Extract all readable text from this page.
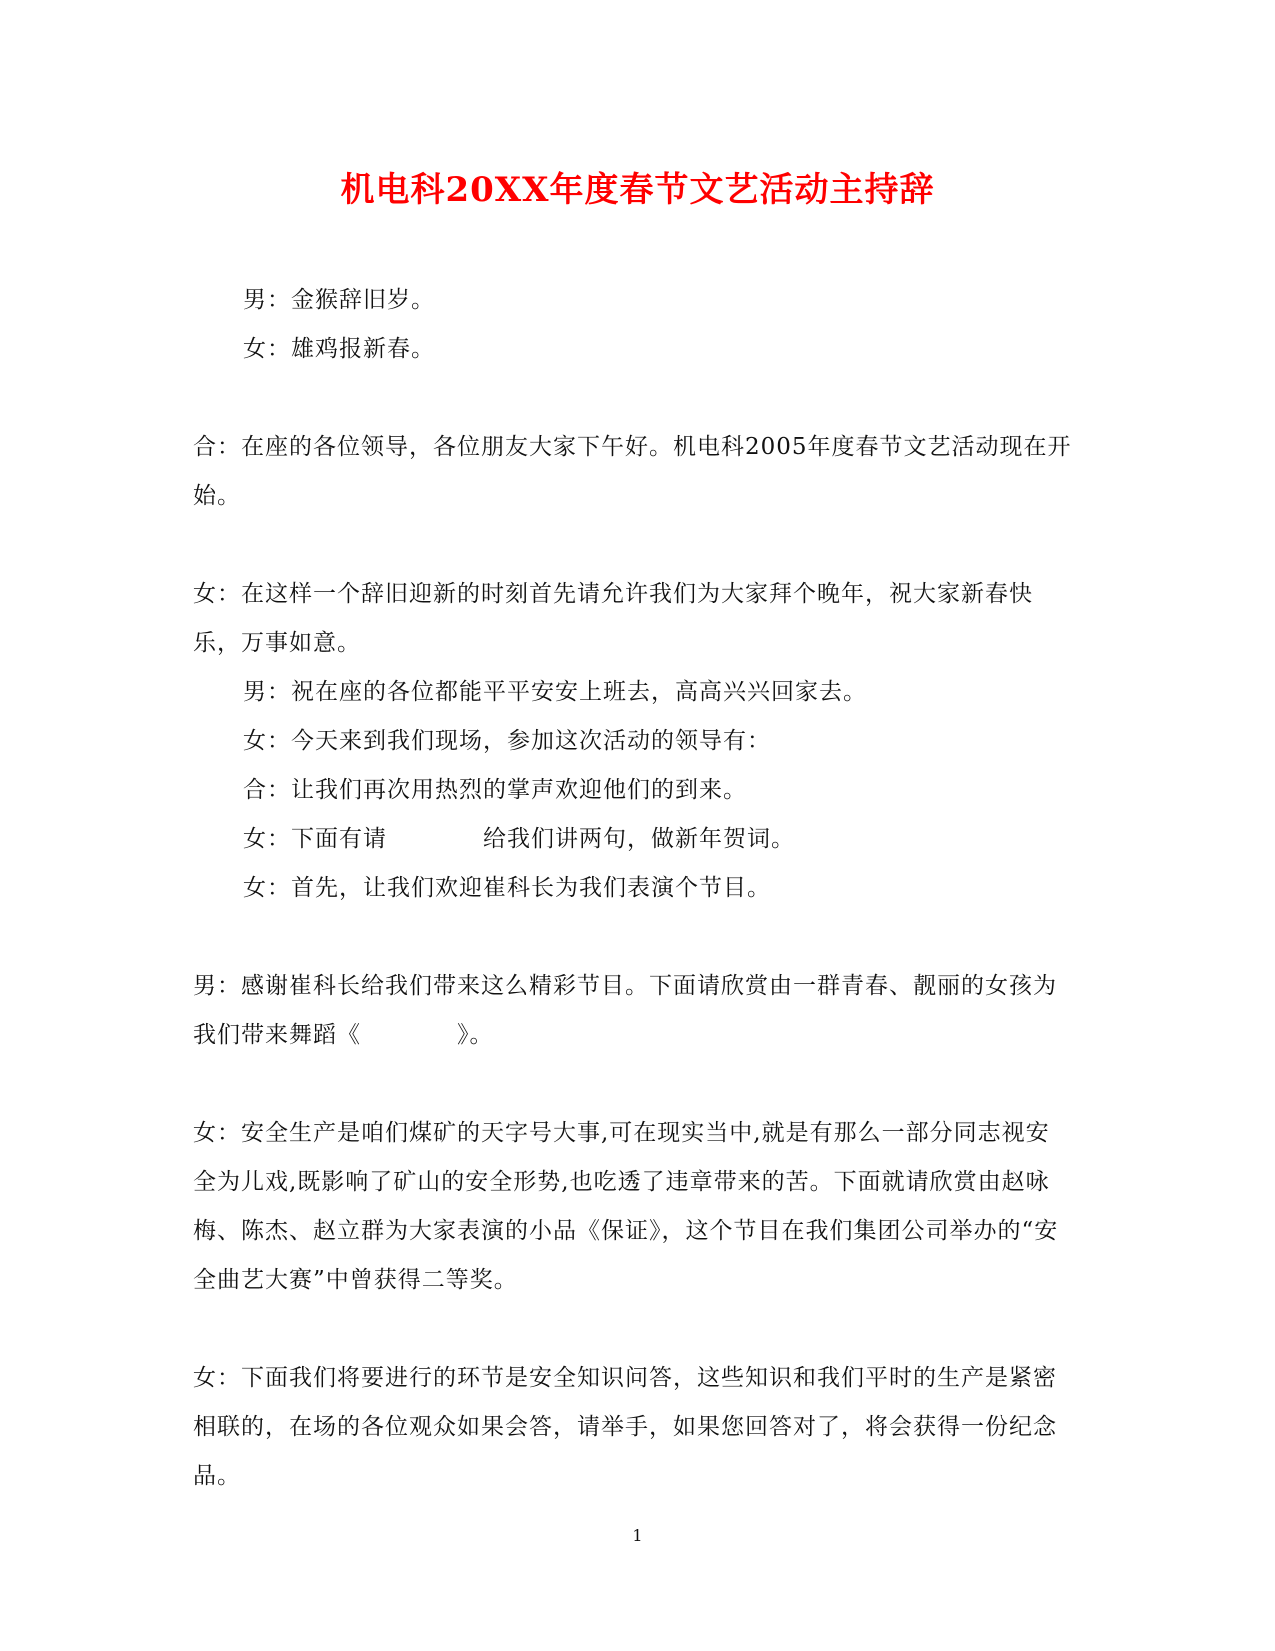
机电科20XX年度春节文艺活动主持辞

男：金猴辞旧岁。

女：雄鸡报新春。

合：在座的各位领导，各位朋友大家下午好。机电科2005年度春节文艺活动现在开始。

女：在这样一个辞旧迎新的时刻首先请允许我们为大家拜个晚年，祝大家新春快乐，万事如意。

男：祝在座的各位都能平平安安上班去，高高兴兴回家去。

女：今天来到我们现场，参加这次活动的领导有：

合：让我们再次用热烈的掌声欢迎他们的到来。

女：下面有请　　　　给我们讲两句，做新年贺词。

女：首先，让我们欢迎崔科长为我们表演个节目。

男：感谢崔科长给我们带来这么精彩节目。下面请欣赏由一群青春、靓丽的女孩为我们带来舞蹈《　　　　》。

女：安全生产是咱们煤矿的天字号大事,可在现实当中,就是有那么一部分同志视安全为儿戏,既影响了矿山的安全形势,也吃透了违章带来的苦。下面就请欣赏由赵咏梅、陈杰、赵立群为大家表演的小品《保证》，这个节目在我们集团公司举办的“安全曲艺大赛”中曾获得二等奖。

女：下面我们将要进行的环节是安全知识问答，这些知识和我们平时的生产是紧密相联的，在场的各位观众如果会答，请举手，如果您回答对了，将会获得一份纪念品。

1
